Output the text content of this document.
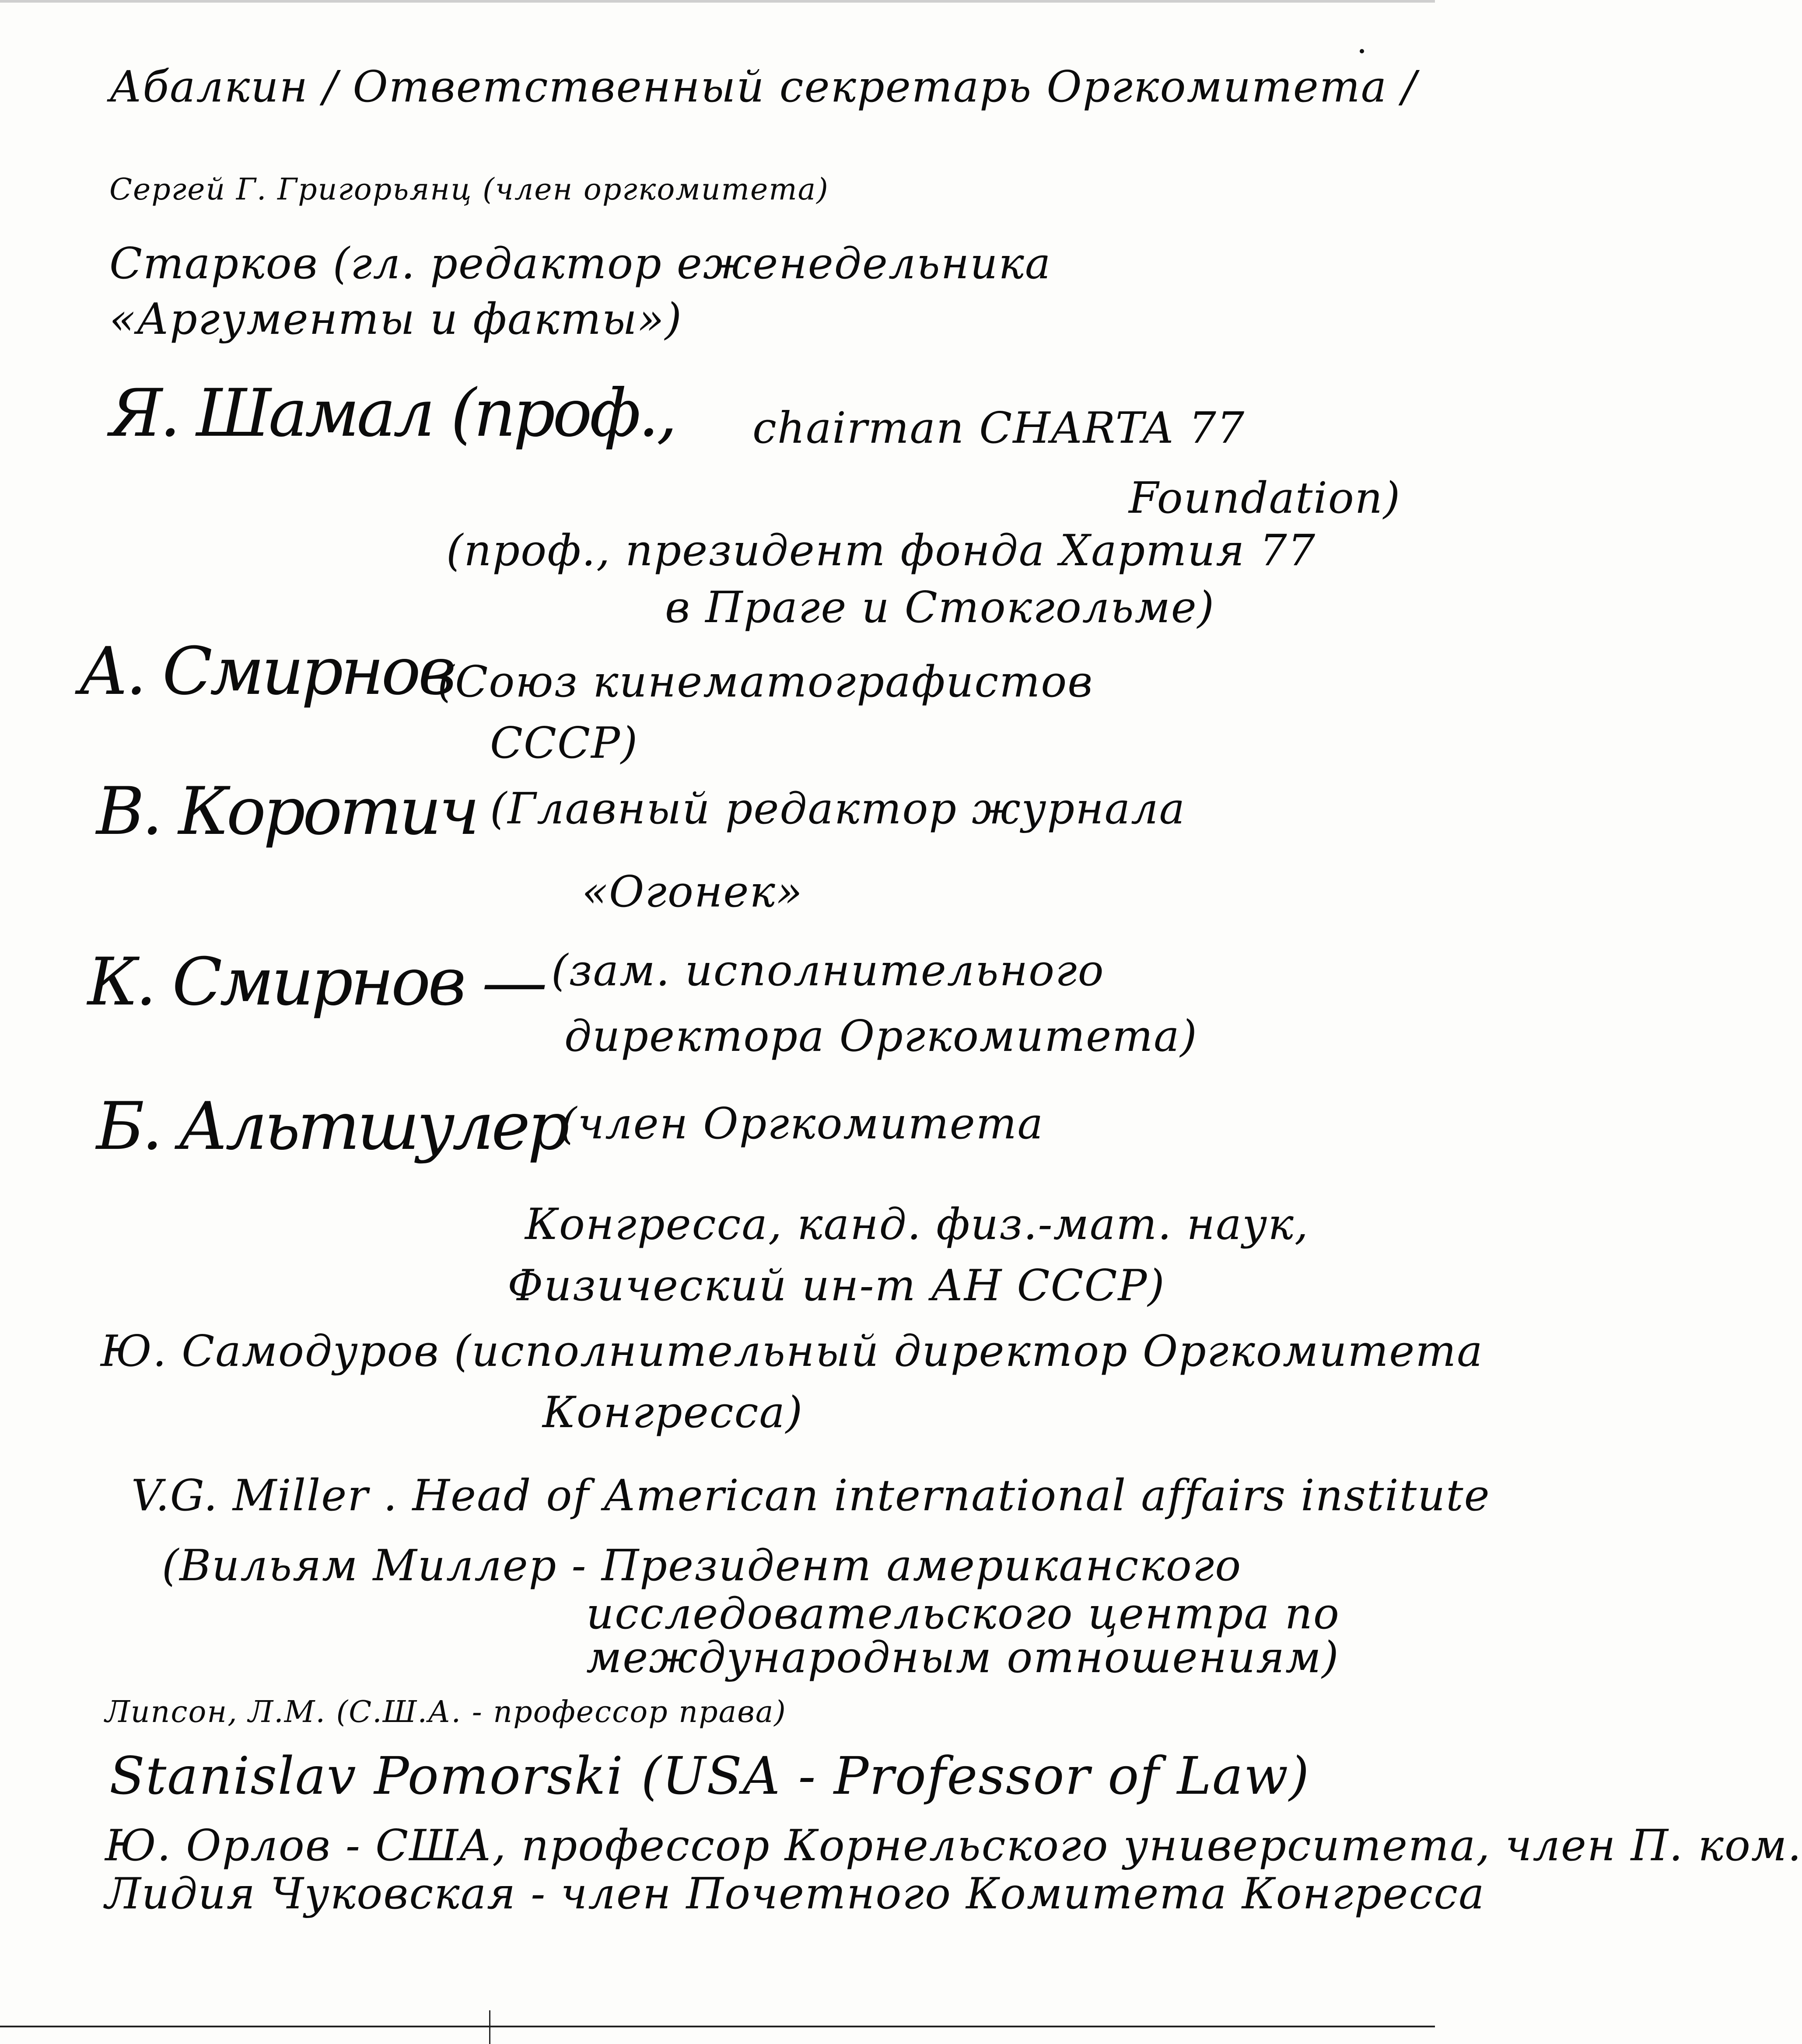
Абалкин / Ответственный секретарь Оргкомитета /
Сергей Г. Григорьянц (член оргкомитета)
Старков (гл. редактор еженедельника «Аргументы и факты»)
Я. Шамал (проф., chairman CHARTA 77
Foundation)
(проф., президент фонда Хартия 77
в Праге и Стокгольме)
А. Смирнов
(Союз кинематографистов
СССР)
В. Коротич (Главный редактор журнала
«Огонек»
К. Смирнов — (зам. исполнительного
директора Оргкомитета)
Б. Альтшулер
(член Оргкомитета
Конгресса, канд. физ.-мат. наук,
Физический ин-т АН СССР)
Ю. Самодуров (исполнительный директор Оргкомитета
Конгресса)
V.G. Miller . Head of American international affairs institute
(Вильям Миллер - Президент американского
исследовательского центра по
международным отношениям)
Липсон, Л.М. (С.Ш.А. - профессор права)
Stanislav Pomorski (USA - Professor of Law)
Ю. Орлов - США, профессор Корнельского университета, член П. ком.
Лидия Чуковская - член Почетного Комитета Конгресса
